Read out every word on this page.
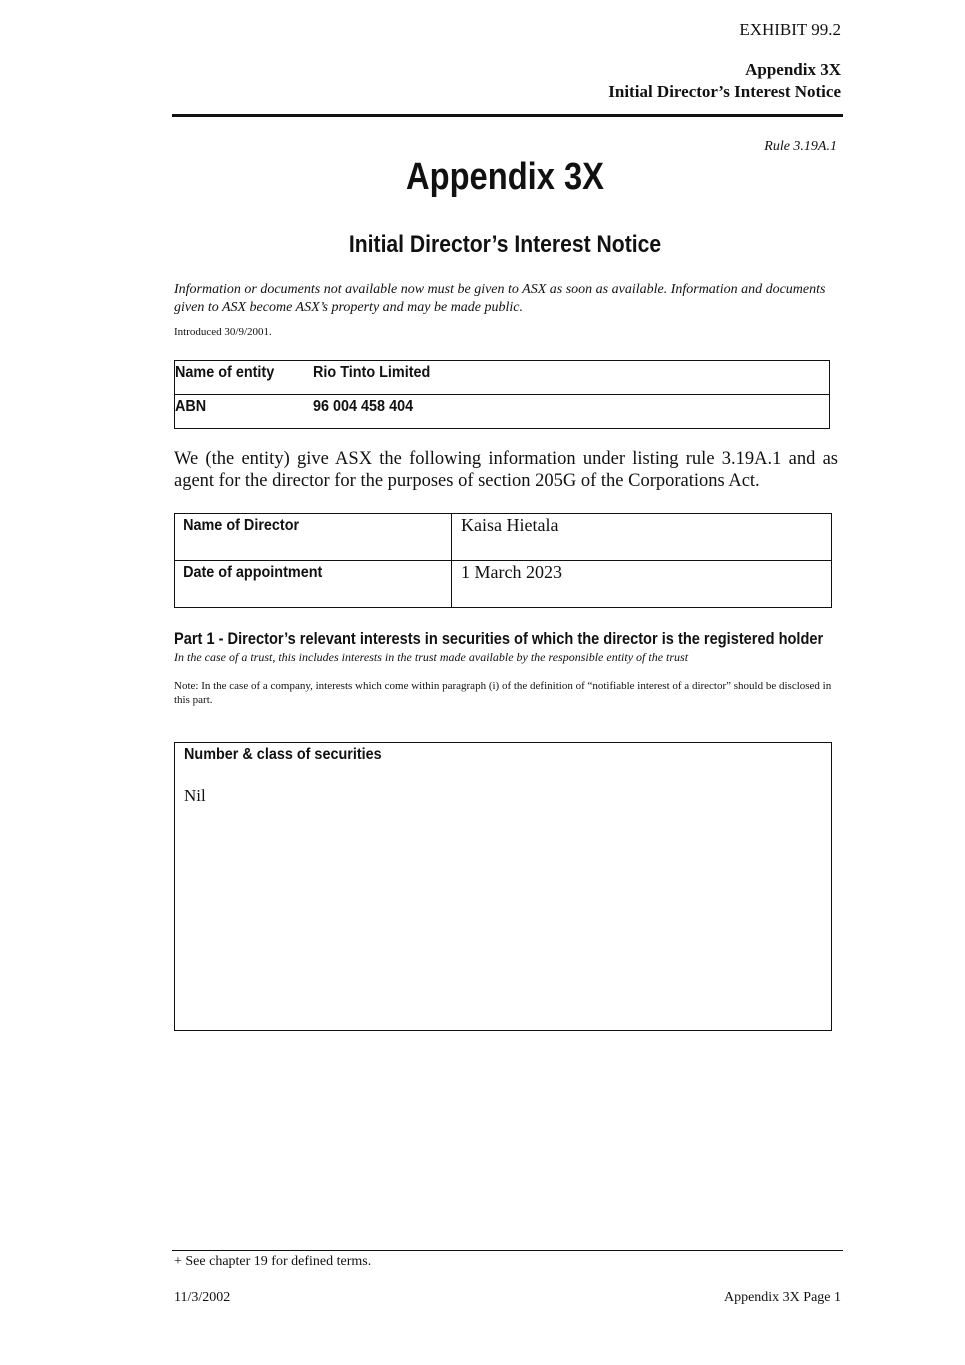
EXHIBIT 99.2
Appendix 3X
Initial Director’s Interest Notice
Rule 3.19A.1
Appendix 3X
Initial Director’s Interest Notice
Information or documents not available now must be given to ASX as soon as available. Information and documents given to ASX become ASX’s property and may be made public.
Introduced 30/9/2001.
Name of entity	Rio Tinto Limited

ABN	96 004 458 404
We (the entity) give ASX the following information under listing rule 3.19A.1 and as agent for the director for the purposes of section 205G of the Corporations Act.
Name of Director	Kaisa Hietala

Date of appointment	1 March 2023
Part 1 - Director’s relevant interests in securities of which the director is the registered holder
In the case of a trust, this includes interests in the trust made available by the responsible entity of the trust
Note: In the case of a company, interests which come within paragraph (i) of the definition of “notifiable interest of a director” should be disclosed in this part.
Number & class of securities
Nil
+ See chapter 19 for defined terms.
11/3/2002	Appendix 3X Page 1
